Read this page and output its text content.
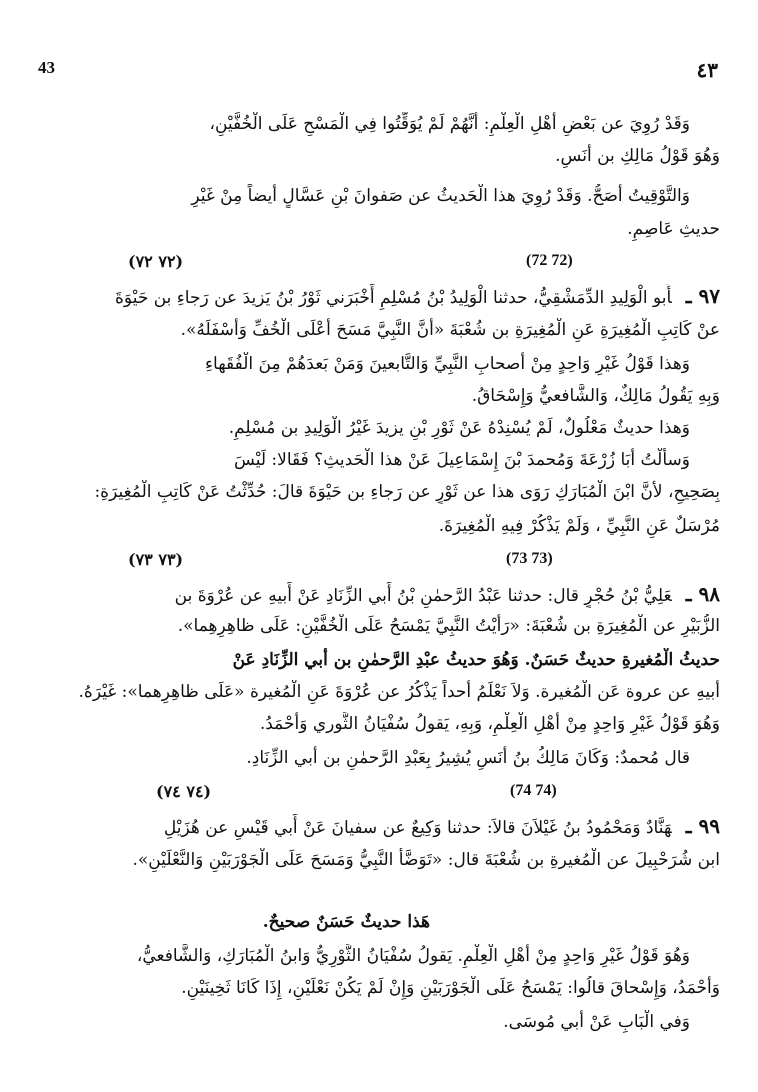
43	٤٣
وَقَدْ رُوِيَ عن بَعْضِ أَهْلِ الْعِلْمِ: أَنَّهُمْ لَمْ يُوَقِّتُوا فِي الْمَسْحِ عَلَى الْخُفَّيْنِ،
وَهُوَ قَوْلُ مَالِكِ بن أَنَسٍ.
وَالتَّوْقِيتُ أَصَحُّ. وَقَدْ رُوِيَ هذا الْحَديثُ عن صَفوانَ بْنِ عَسَّالٍ أَيضاً مِنْ غَيْرِ
حديثِ عَاصِمٍ.
(72 72)
(٧٢ ٧٢)
٩٧ ـأَبو الْوَلِيدِ الدِّمَشْقِيُّ، حدثنا الْوَلِيدُ بْنُ مُسْلِمٍ أَخْبَرَني ثَوْرُ بْنُ يَزيدَ عن رَجاءِ بن حَيْوَةَ
عنْ كَاتِبِ الْمُغِيرَةِ عَنِ الْمُغِيرَةِ بن شُعْبَةَ «أَنَّ النَّبِيَّ مَسَحَ أَعْلَى الْخُفِّ وَأَسْفَلَهُ».
وَهذا قَوْلُ غَيْرِ وَاحِدٍ مِنْ أَصحابِ النَّبِيِّ وَالتَّابعينَ وَمَنْ بَعدَهُمْ مِنَ الْفُقَهاءِ
وَبِهِ يَقُولُ مَالِكٌ، وَالشَّافعيُّ وَإِسْحَاقُ.
وَهذا حديثٌ مَعْلُولٌ، لَمْ يُسْنِدْهُ عَنْ ثَوْرِ بْنِ يزيدَ غَيْرُ الْوَلِيدِ بن مُسْلِمٍ.
وَسأَلْتُ أَبَا زُرْعَةَ وَمُحمدَ بْنَ إِسْمَاعِيلَ عَنْ هذا الْحَديثِ؟ فَقَالا: لَيْسَ
بِصَحِيحٍ، لأَنَّ ابْنَ الْمُبَارَكِ رَوَى هذا عن ثَوْرٍ عن رَجاءِ بن حَيْوَةَ قالَ: حُدِّثْتُ عَنْ كَاتِبِ الْمُغِيرَةِ:
مُرْسَلٌ عَنِ النَّبِيِّ ، وَلَمْ يَذْكُرْ فِيهِ الْمُغِيرَةَ.
(73 73)
(٧٣ ٧٣)
٩٨ ـعَلِيُّ بْنُ حُجْرٍ قال: حدثنا عَبْدُ الرَّحمٰنِ بْنُ أَبي الزِّنَادِ عَنْ أَبيهِ عن عُرْوَةَ بن
الزُّبَيْرِ عن الْمُغِيرَةِ بن شُعْبَةَ: «رَأَيْتُ النَّبِيَّ يَمْسَحُ عَلَى الْخُفَّيْنِ: عَلَى ظاهِرِهِما».
حديثُ الْمُغيرةِ حديثٌ حَسَنٌ. وَهُوَ حديثُ عبْدِ الرَّحمٰنِ بن أبي الزِّنَادِ عَنْ
أَبيهِ عن عروة عَن الْمُغيرة. وَلاَ نَعْلَمُ أَحداً يَذْكُرُ عن عُرْوَةَ عَنِ الْمُغيرة «عَلَى ظاهِرِهما»: غَيْرَهُ.
وَهُوَ قَوْلُ غَيْرِ وَاحِدٍ مِنْ أَهْلِ الْعِلْمِ، وَبِهِ، يَقولُ سُفْيَانُ الثَّوري وَأَحْمَدُ.
قال مُحمدٌ: وَكَانَ مَالِكُ بنُ أَنَسٍ يُشِيرُ بِعَبْدِ الرَّحمٰنِ بن أَبي الزِّنَادِ.
(74 74)
(٧٤ ٧٤)
٩٩ ـهَنَّادٌ وَمَحْمُودُ بنُ غَيْلاَنَ قالاَ: حدثنا وَكِيعٌ عن سفيانَ عَنْ أَبي قَيْسٍ عن هُزَيْلِ
ابن شُرَحْبِيلَ عن الْمُغيرةِ بن شُعْبَةَ قال: «تَوَضَّأَ النَّبِيُّ وَمَسَحَ عَلَى الْجَوْرَبَيْنِ وَالنَّعْلَيْنِ».
هَذا حديثٌ حَسَنٌ صحيحٌ.
وَهُوَ قَوْلُ غَيْرِ وَاحِدٍ مِنْ أَهْلِ الْعِلْمِ. يَقولُ سُفْيَانُ الثَّوْرِيُّ وَابنُ الْمُبَارَكِ، وَالشَّافعيُّ،
وَأَحْمَدُ، وَإِسْحاقَ قالُوا: يَمْسَحُ عَلَى الْجَوْرَبَيْنِ وَإِنْ لَمْ يَكُنْ نَعْلَيْنِ، إِذَا كَانَا ثَخِينَيْنِ.
وَفي الْبَابِ عَنْ أَبي مُوسَى.
